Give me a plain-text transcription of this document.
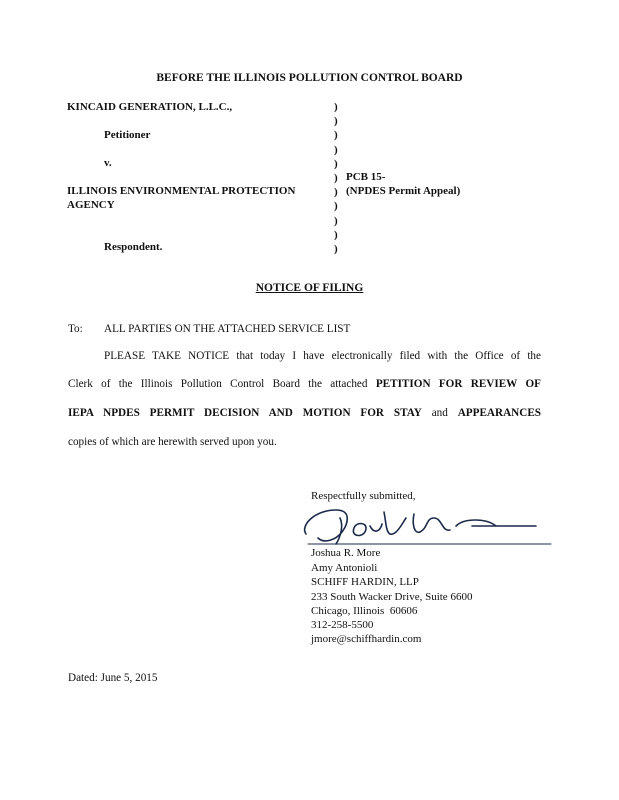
BEFORE THE ILLINOIS POLLUTION CONTROL BOARD
KINCAID GENERATION, L.L.C.,
Petitioner
v.
ILLINOIS ENVIRONMENTAL PROTECTION
AGENCY
Respondent.
)
)
)
)
)
)
)
)
)
)
)
PCB 15-
(NPDES Permit Appeal)
NOTICE OF FILING
To: ALL PARTIES ON THE ATTACHED SERVICE LIST
PLEASE TAKE NOTICE that today I have electronically filed with the Office of the
Clerk of the Illinois Pollution Control Board the attached PETITION FOR REVIEW OF
IEPA NPDES PERMIT DECISION AND MOTION FOR STAY and APPEARANCES
copies of which are herewith served upon you.
Respectfully submitted,
Joshua R. More
Amy Antonioli
SCHIFF HARDIN, LLP
233 South Wacker Drive, Suite 6600
Chicago, Illinois  60606
312-258-5500
jmore@schiffhardin.com
Dated: June 5, 2015
